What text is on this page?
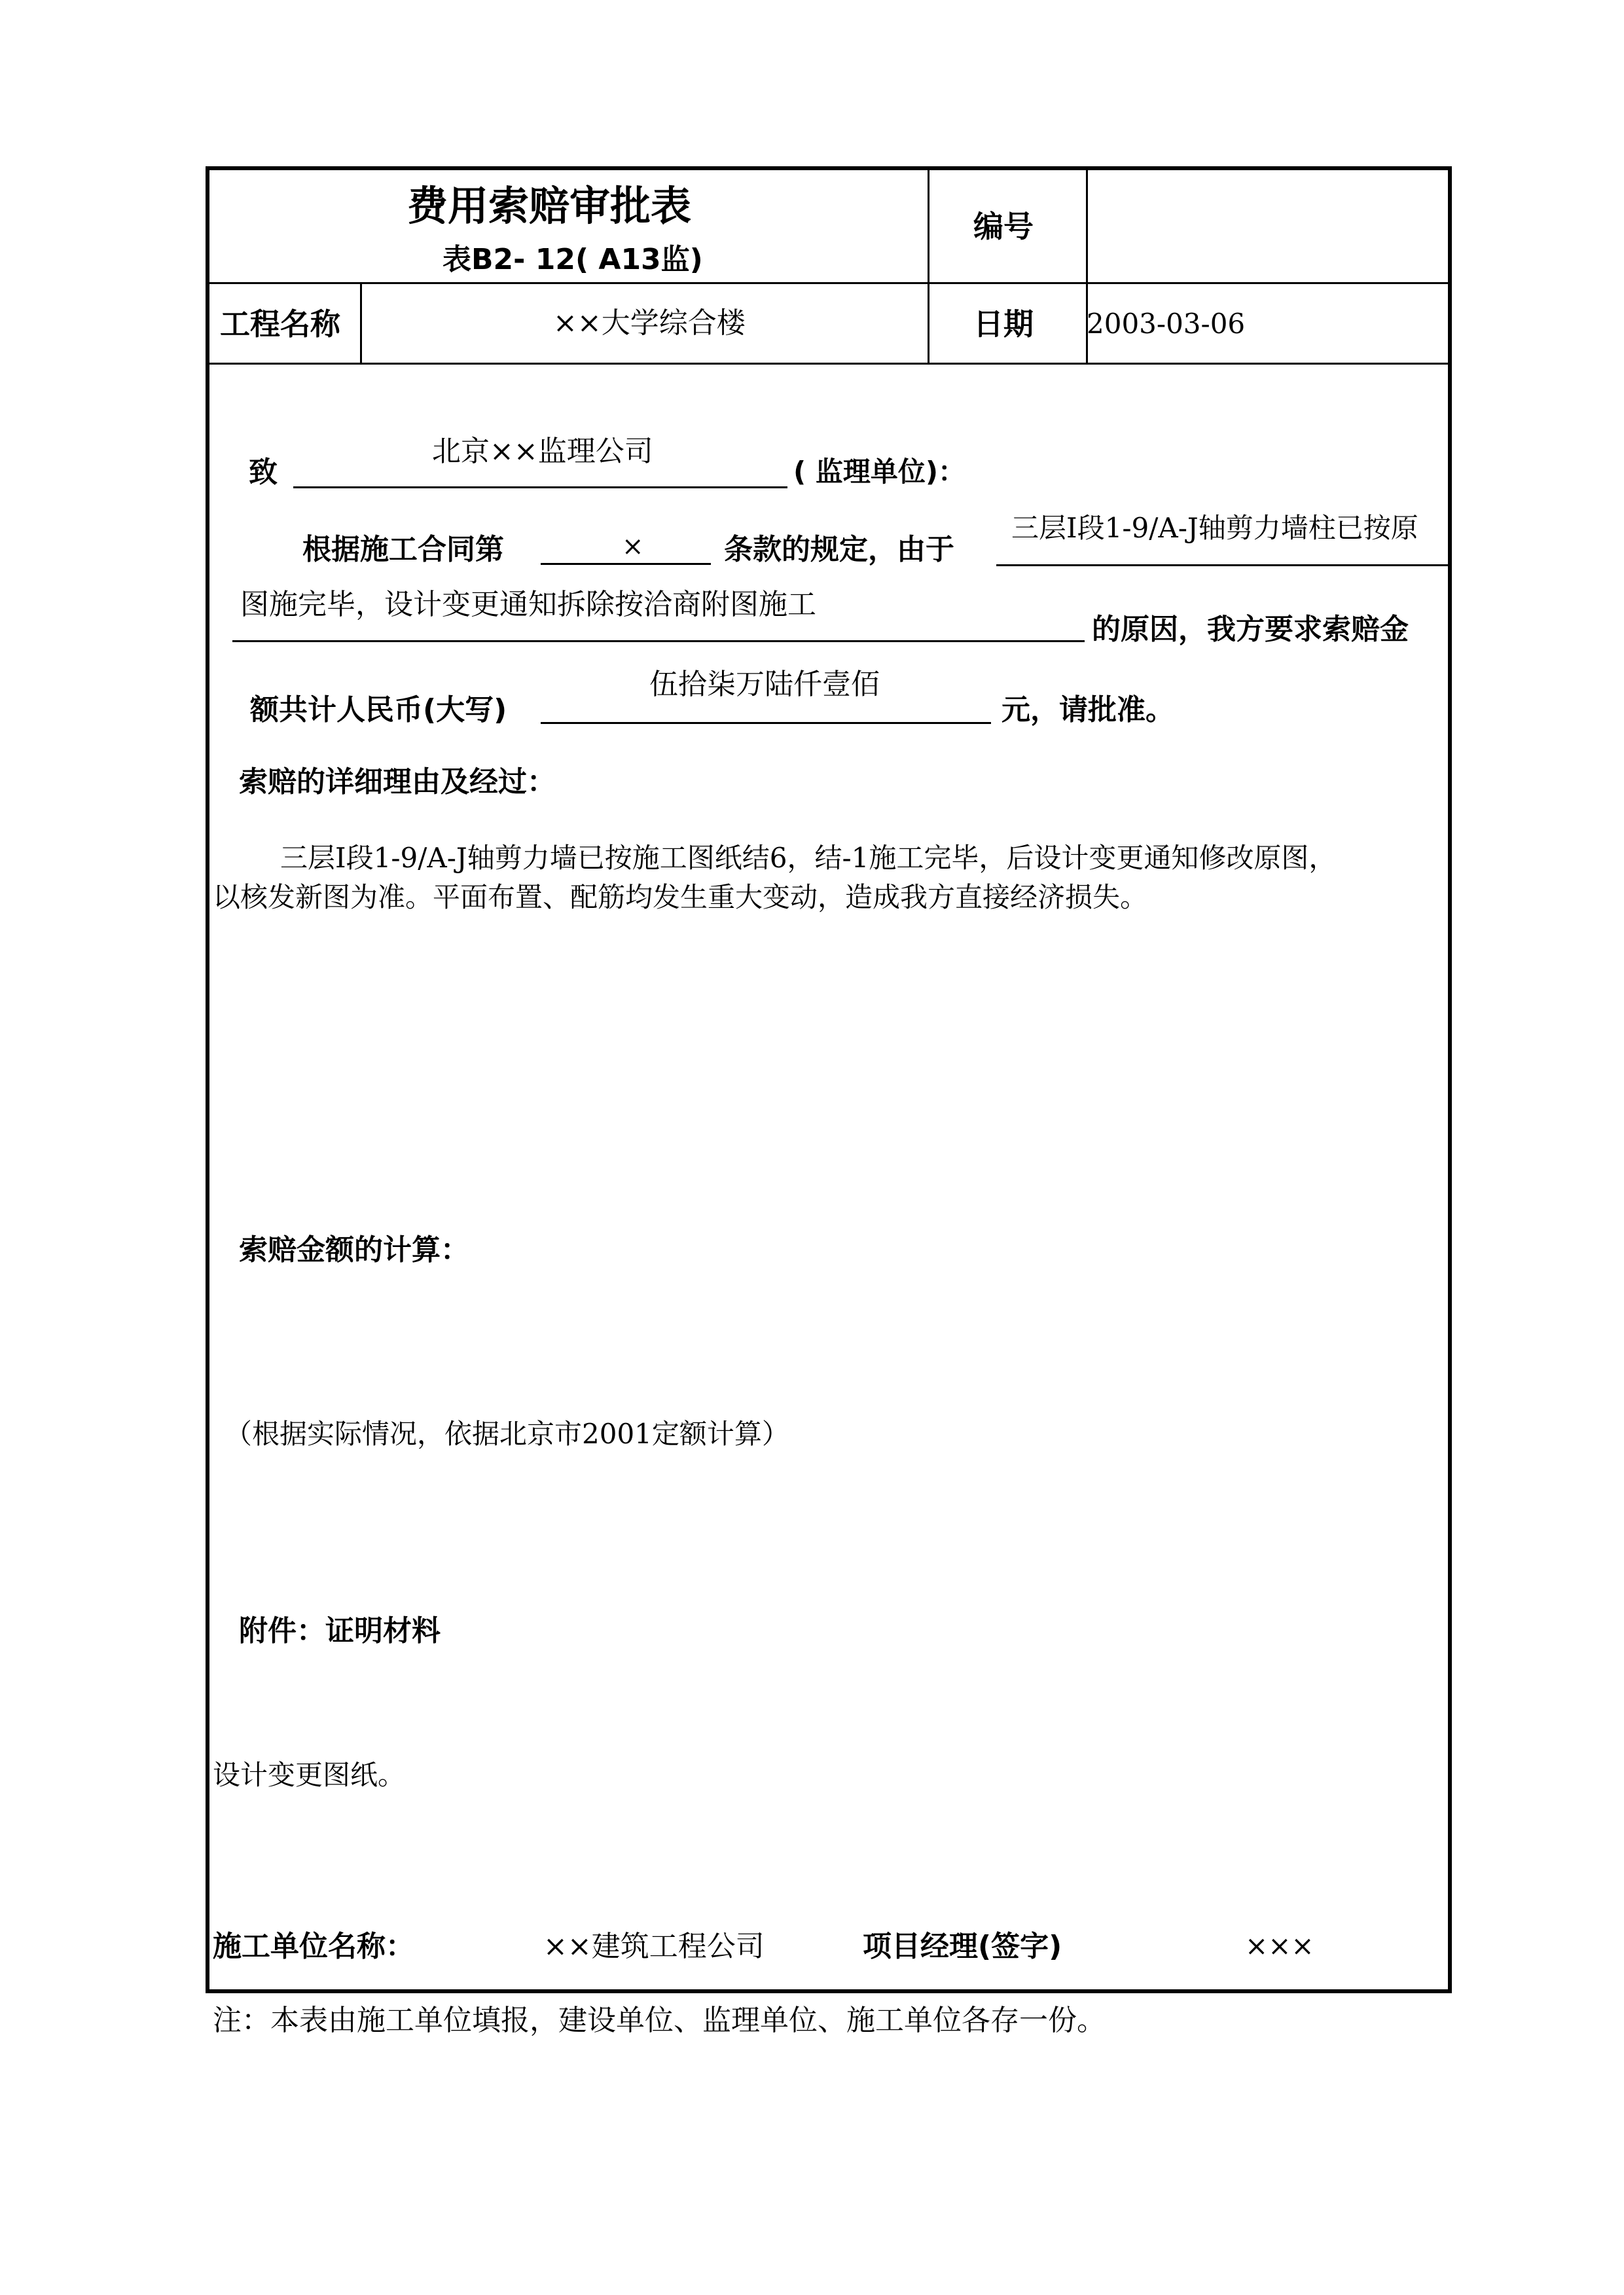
费用索赔审批表
表B2- 12( A13监)
编号
工程名称	××大学综合楼	日期 2003-03-06
致
北京××监理公司
( 监理单位)：
根据施工合同第	×	条款的规定，由于
三层Ⅰ段1-9/A-J轴剪力墙柱已按原
图施完毕，设计变更通知拆除按洽商附图施工
的原因，我方要求索赔金
额共计人民币(大写)
伍拾柒万陆仟壹佰
元，请批准。
索赔的详细理由及经过：
三层Ⅰ段1-9/A-J轴剪力墙已按施工图纸结6，结-1施工完毕，后设计变更通知修改原图，
以核发新图为准。平面布置、配筋均发生重大变动，造成我方直接经济损失。
索赔金额的计算：
（根据实际情况，依据北京市2001定额计算）
附件：证明材料
设计变更图纸。
施工单位名称：	××建筑工程公司	项目经理(签字)	×××
注：本表由施工单位填报，建设单位、监理单位、施工单位各存一份。
